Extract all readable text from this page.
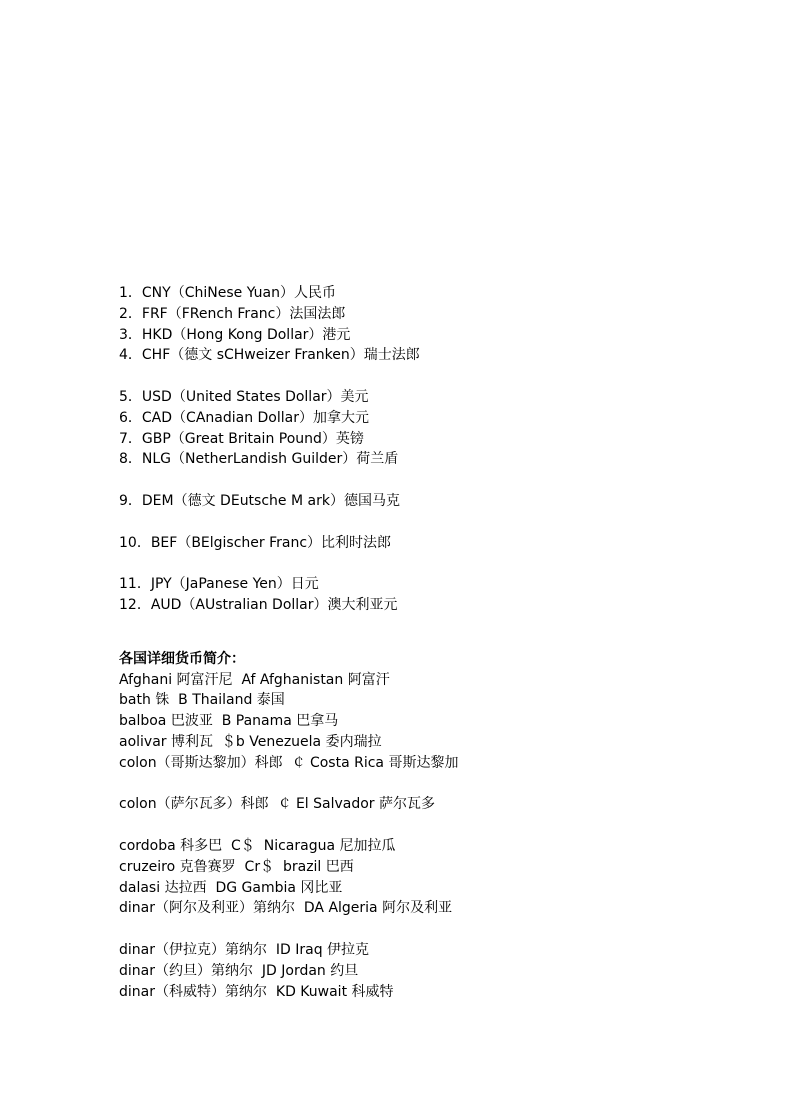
1．CNY（ChiNese Yuan）人民币
2．FRF（FRench Franc）法国法郎
3．HKD（Hong Kong Dollar）港元
4．CHF（德文 sCHweizer Franken）瑞士法郎
5．USD（United States Dollar）美元
6．CAD（CAnadian Dollar）加拿大元
7．GBP（Great Britain Pound）英镑
8．NLG（NetherLandish Guilder）荷兰盾
9．DEM（德文 DEutsche M ark）德国马克
10．BEF（BElgischer Franc）比利时法郎
11．JPY（JaPanese Yen）日元
12．AUD（AUstralian Dollar）澳大利亚元
各国详细货币简介：
Afghani 阿富汗尼  Af Afghanistan 阿富汗
bath 铢  B Thailand 泰国
balboa 巴波亚  B Panama 巴拿马
aolivar 博利瓦  ＄b Venezuela 委内瑞拉
colon（哥斯达黎加）科郎  ￠ Costa Rica 哥斯达黎加
colon（萨尔瓦多）科郎  ￠ El Salvador 萨尔瓦多
cordoba 科多巴  C＄  Nicaragua 尼加拉瓜
cruzeiro 克鲁赛罗  Cr＄  brazil 巴西
dalasi 达拉西  DG Gambia 冈比亚
dinar（阿尔及利亚）第纳尔  DA Algeria 阿尔及利亚
dinar（伊拉克）第纳尔  ID Iraq 伊拉克
dinar（约旦）第纳尔  JD Jordan 约旦
dinar（科威特）第纳尔  KD Kuwait 科威特
